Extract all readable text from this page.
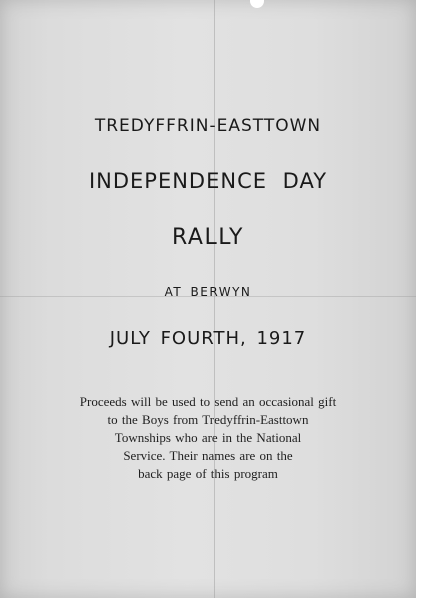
TREDYFFRIN-EASTTOWN

INDEPENDENCE DAY

RALLY

AT BERWYN

JULY FOURTH, 1917

Proceeds will be used to send an occasional gift
to the Boys from Tredyffrin-Easttown
Townships who are in the National
Service. Their names are on the
back page of this program
